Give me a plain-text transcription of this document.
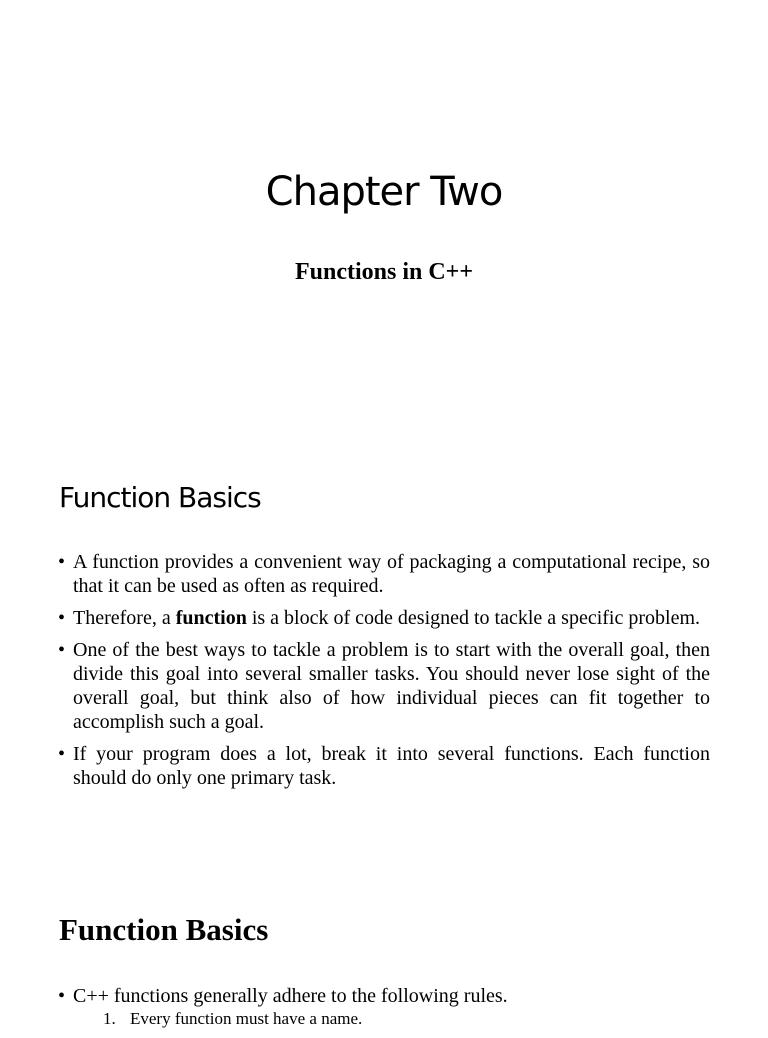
Chapter Two
Functions in C++
Function Basics
• A function provides a convenient way of packaging a computational recipe, so that it can be used as often as required.
• Therefore, a function is a block of code designed to tackle a specific problem.
• One of the best ways to tackle a problem is to start with the overall goal, then divide this goal into several smaller tasks. You should never lose sight of the overall goal, but think also of how individual pieces can fit together to accomplish such a goal.
• If your program does a lot, break it into several functions. Each function should do only one primary task.
Function Basics
• C++ functions generally adhere to the following rules.
1. Every function must have a name.
